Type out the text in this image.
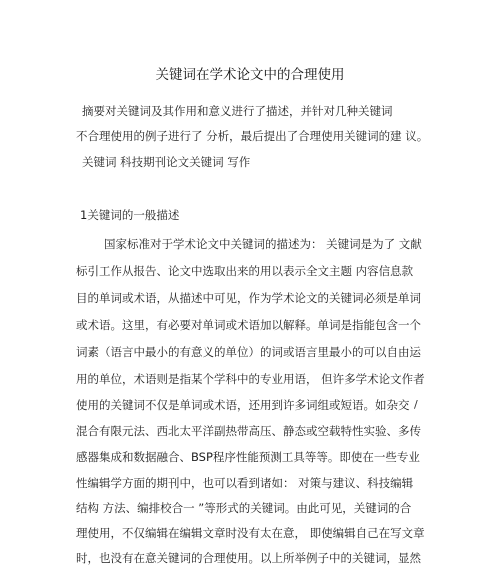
关键词在学术论文中的合理使用
摘要对关键词及其作用和意义进行了描述，并针对几种关键词
不合理使用的例子进行了 分析，最后提出了合理使用关键词的建 议。
关键词 科技期刊论文关键词 写作
1关键词的一般描述
国家标准对于学术论文中关键词的描述为： 关键词是为了 文献
标引工作从报告、论文中选取出来的用以表示全文主题 内容信息款
目的单词或术语，从描述中可见，作为学术论文的关键词必须是单词
或术语。这里，有必要对单词或术语加以解释。单词是指能包含一个
词素（语言中最小的有意义的单位）的词或语言里最小的可以自由运
用的单位，术语则是指某个学科中的专业用语， 但许多学术论文作者
使用的关键词不仅是单词或术语，还用到许多词组或短语。如杂交 /
混合有限元法、西北太平洋副热带高压、静态或空载特性实验、多传
感器集成和数据融合、BSP程序性能预测工具等等。即使在一些专业
性编辑学方面的期刊中，也可以看到诸如： 对策与建议、科技编辑
结构 方法、编排校合一 ”等形式的关键词。由此可见，关键词的合
理使用，不仅编辑在编辑文章时没有太在意， 即使编辑自己在写文章
时，也没有在意关键词的合理使用。以上所举例子中的关键词，显然
